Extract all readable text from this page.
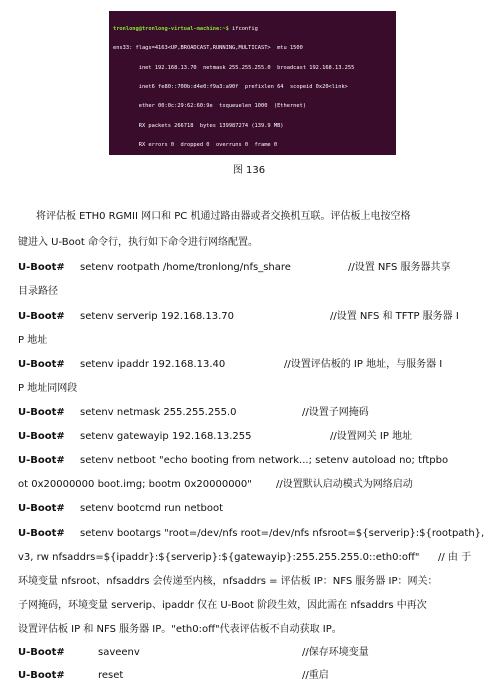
tronlong@tronlong-virtual-machine:~$ ifconfig

ens33: flags=4163<UP,BROADCAST,RUNNING,MULTICAST>  mtu 1500

inet 192.168.13.70  netmask 255.255.255.0  broadcast 192.168.13.255

inet6 fe80::700b:d4e0:f9a3:a90f  prefixlen 64  scopeid 0x20<link>

ether 00:0c:29:62:60:9e  txqueuelen 1000  (Ethernet)

RX packets 266718  bytes 139987274 (139.9 MB)

RX errors 0  dropped 0  overruns 0  frame 0

图 136
将评估板 ETH0 RGMII 网口和 PC 机通过路由器或者交换机互联。评估板上电按空格
键进入 U-Boot 命令行，执行如下命令进行网络配置。
U-Boot# setenv rootpath /home/tronlong/nfs_share	//设置 NFS 服务器共享
目录路径
U-Boot# setenv serverip 192.168.13.70	//设置 NFS 和 TFTP 服务器 I
P 地址
U-Boot# setenv ipaddr 192.168.13.40	//设置评估板的 IP 地址，与服务器 I
P 地址同网段
U-Boot# setenv netmask 255.255.255.0	//设置子网掩码
U-Boot# setenv gatewayip 192.168.13.255	//设置网关 IP 地址
U-Boot# setenv netboot "echo booting from network...; setenv autoload no; tftpbo
ot 0x20000000 boot.img; bootm 0x20000000" //设置默认启动模式为网络启动
U-Boot# setenv bootcmd run netboot
U-Boot# setenv bootargs "root=/dev/nfs root=/dev/nfs nfsroot=${serverip}:${rootpath},
v3, rw nfsaddrs=${ipaddr}:${serverip}:${gatewayip}:255.255.255.0::eth0:off" // 由 于
环境变量 nfsroot、nfsaddrs 会传递至内核，nfsaddrs = 评估板 IP：NFS 服务器 IP：网关：
子网掩码，环境变量 serverip、ipaddr 仅在 U-Boot 阶段生效，因此需在 nfsaddrs 中再次
设置评估板 IP 和 NFS 服务器 IP。"eth0:off"代表评估板不自动获取 IP。
U-Boot#	saveenv	//保存环境变量
U-Boot#	reset	//重启
